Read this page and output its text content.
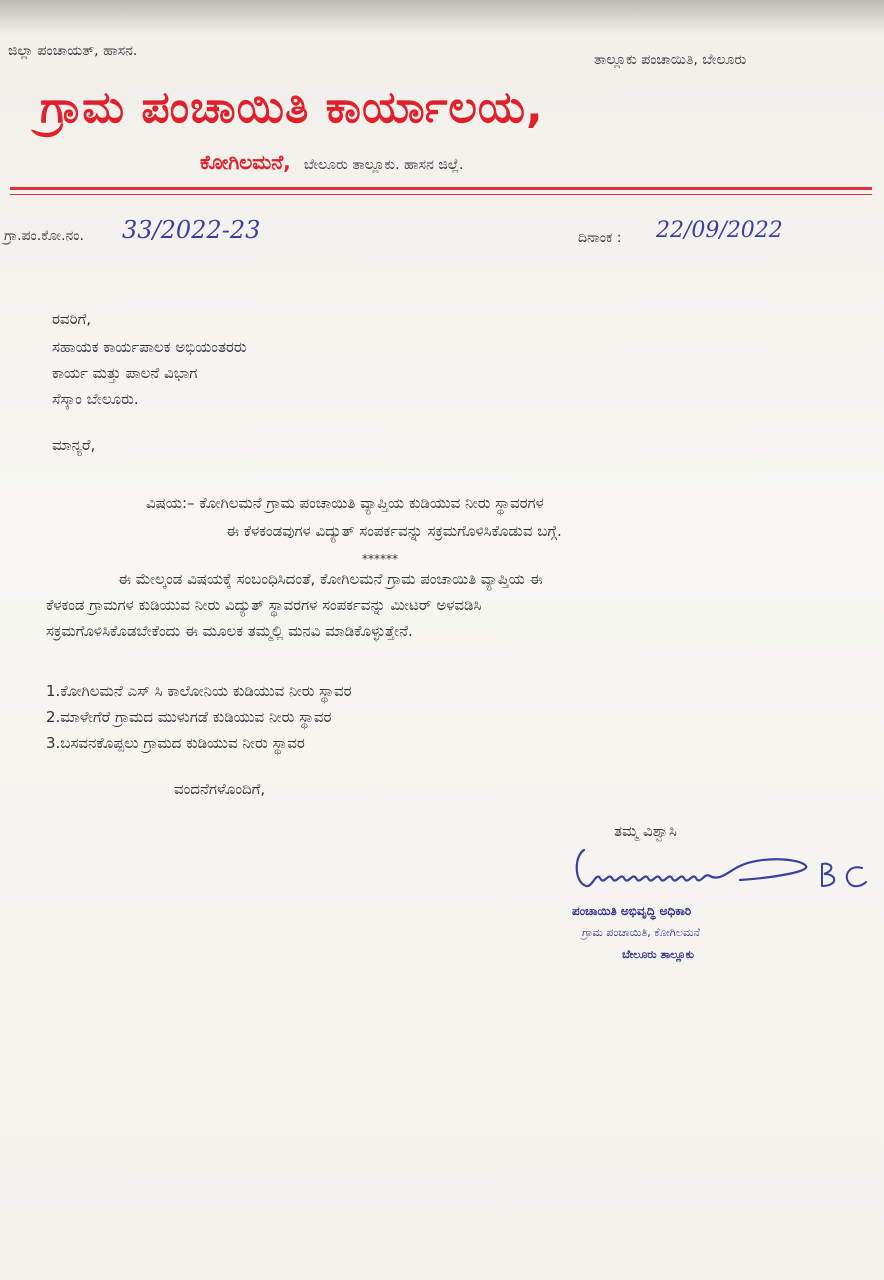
ಜಿಲ್ಲಾ ಪಂಚಾಯತ್, ಹಾಸನ.
ತಾಲ್ಲೂಕು ಪಂಚಾಯಿತಿ, ಬೇಲೂರು
ಗ್ರಾಮ ಪಂಚಾಯಿತಿ ಕಾರ್ಯಾಲಯ,
ಕೋಗಿಲಮನೆ, ಬೇಲೂರು ತಾಲ್ಲೂಕು. ಹಾಸನ ಜಿಲ್ಲೆ.
ಗ್ರಾ.ಪಂ.ಕೋ.ನಂ. 33/2022-23	ದಿನಾಂಕ : 22/09/2022
ರವರಿಗೆ,
ಸಹಾಯಕ ಕಾರ್ಯಪಾಲಕ ಅಭಿಯಂತರರು
ಕಾರ್ಯ ಮತ್ತು ಪಾಲನೆ ವಿಭಾಗ
ಸೆಸ್ಕಾಂ ಬೇಲೂರು.
ಮಾನ್ಯರೆ,
ವಿಷಯ:– ಕೋಗಿಲಮನೆ ಗ್ರಾಮ ಪಂಚಾಯಿತಿ ವ್ಯಾಪ್ತಿಯ ಕುಡಿಯುವ ನೀರು ಸ್ಥಾವರಗಳ
ಈ ಕೆಳಕಂಡವುಗಳ ವಿದ್ಯುತ್ ಸಂಪರ್ಕವನ್ನು ಸಕ್ರಮಗೊಳಿಸಿಕೊಡುವ ಬಗ್ಗೆ.
******
ಈ ಮೇಲ್ಕಂಡ ವಿಷಯಕ್ಕೆ ಸಂಬಂಧಿಸಿದಂತೆ, ಕೋಗಿಲಮನೆ ಗ್ರಾಮ ಪಂಚಾಯಿತಿ ವ್ಯಾಪ್ತಿಯ ಈ
ಕೆಳಕಂಡ ಗ್ರಾಮಗಳ ಕುಡಿಯುವ ನೀರು ವಿದ್ಯುತ್ ಸ್ಥಾವರಗಳ ಸಂಪರ್ಕವನ್ನು ಮೀಟರ್ ಅಳವಡಿಸಿ
ಸಕ್ರಮಗೊಳಿಸಿಕೊಡಬೇಕೆಂದು ಈ ಮೂಲಕ ತಮ್ಮಲ್ಲಿ ಮನವಿ ಮಾಡಿಕೊಳ್ಳುತ್ತೇನೆ.
1.ಕೋಗಿಲಮನೆ ಎಸ್ ಸಿ ಕಾಲೋನಿಯ ಕುಡಿಯುವ ನೀರು ಸ್ಥಾವರ
2.ಮಾಳೇಗೆರೆ ಗ್ರಾಮದ ಮುಳುಗಡೆ ಕುಡಿಯುವ ನೀರು ಸ್ಥಾವರ
3.ಬಸವನಕೊಪ್ಪಲು ಗ್ರಾಮದ ಕುಡಿಯುವ ನೀರು ಸ್ಥಾವರ
ವಂದನೆಗಳೊಂದಿಗೆ,
ತಮ್ಮ ವಿಶ್ವಾಸಿ
ಪಂಚಾಯಿತಿ ಅಭಿವೃದ್ಧಿ ಅಧಿಕಾರಿ
ಗ್ರಾಮ ಪಂಚಾಯಿತಿ, ಕೋಗಿಲಮನೆ
ಬೇಲೂರು ತಾಲ್ಲೂಕು
